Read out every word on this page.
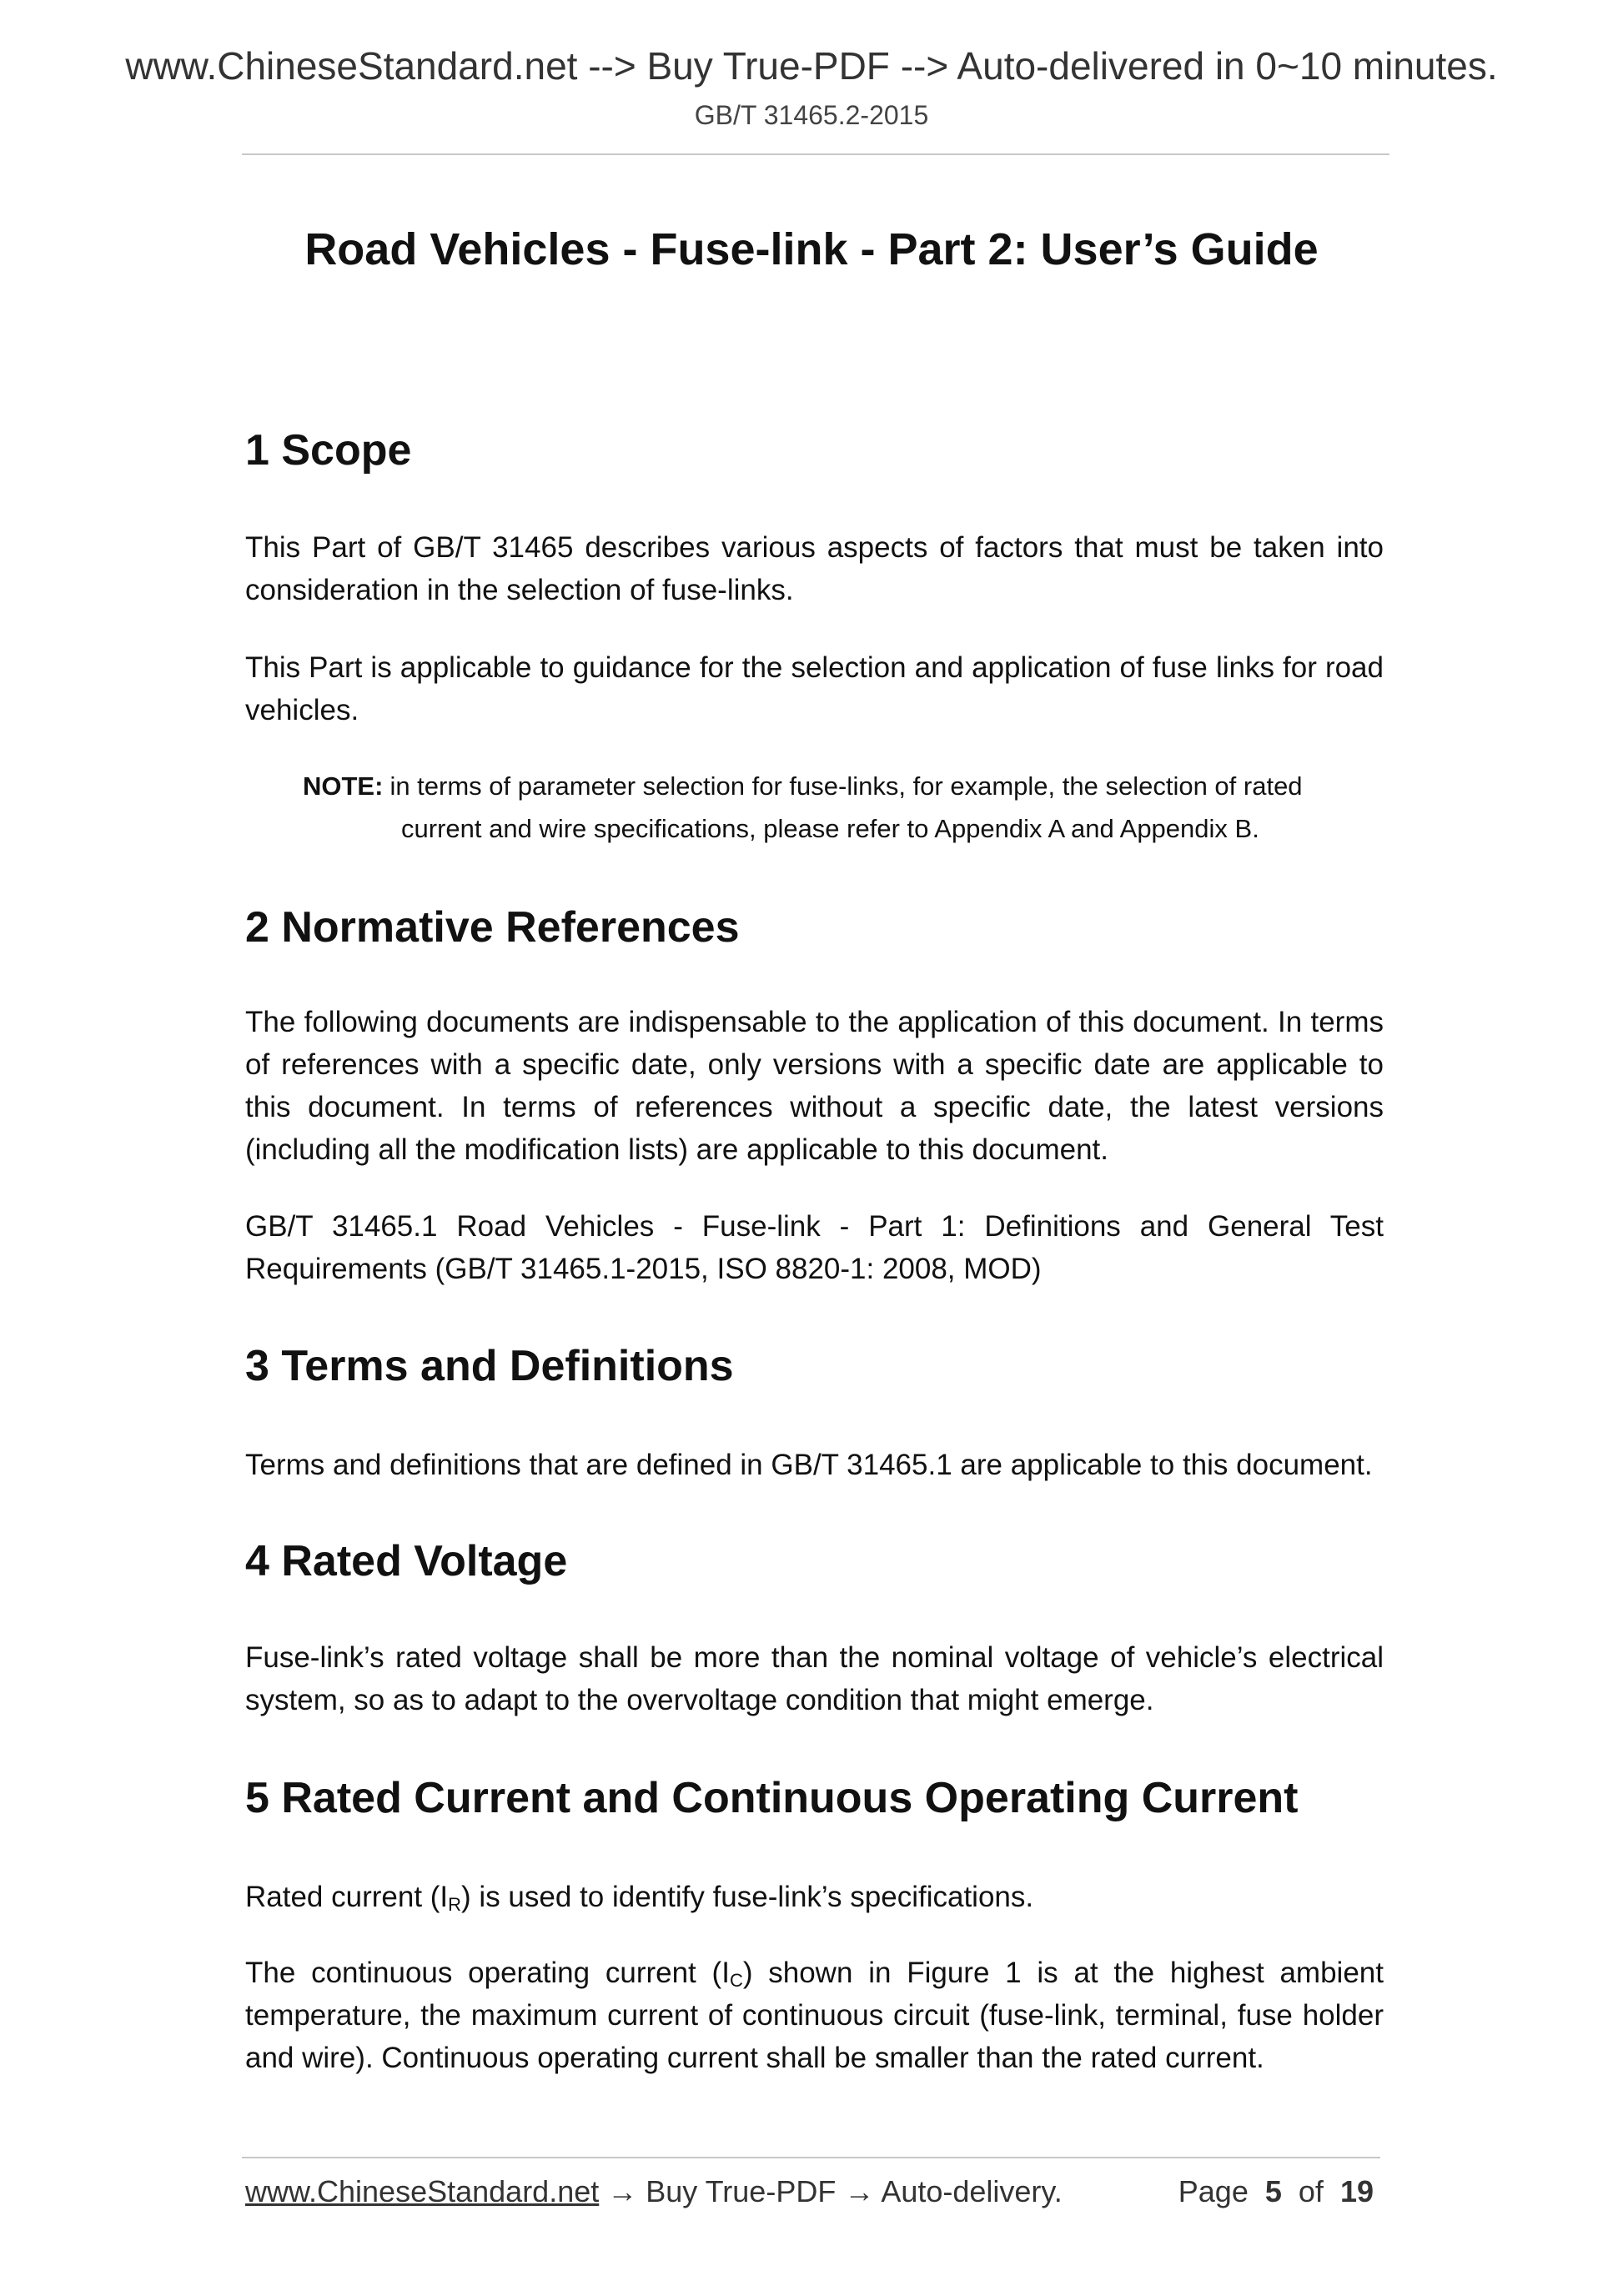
www.ChineseStandard.net --> Buy True-PDF --> Auto-delivered in 0~10 minutes.
GB/T 31465.2-2015
Road Vehicles - Fuse-link - Part 2: User’s Guide
1 Scope

This Part of GB/T 31465 describes various aspects of factors that must be taken into consideration in the selection of fuse-links.

This Part is applicable to guidance for the selection and application of fuse links for road vehicles.

NOTE: in terms of parameter selection for fuse-links, for example, the selection of rated
current and wire specifications, please refer to Appendix A and Appendix B.
2 Normative References

The following documents are indispensable to the application of this document. In terms of references with a specific date, only versions with a specific date are applicable to this document. In terms of references without a specific date, the latest versions (including all the modification lists) are applicable to this document.

GB/T 31465.1 Road Vehicles - Fuse-link - Part 1: Definitions and General Test Requirements (GB/T 31465.1-2015, ISO 8820-1: 2008, MOD)

3 Terms and Definitions

Terms and definitions that are defined in GB/T 31465.1 are applicable to this document.

4 Rated Voltage

Fuse-link’s rated voltage shall be more than the nominal voltage of vehicle’s electrical system, so as to adapt to the overvoltage condition that might emerge.

5 Rated Current and Continuous Operating Current

Rated current $(I_R)$ is used to identify fuse-link’s specifications.

The continuous operating current $(I_C)$ shown in Figure 1 is at the highest ambient temperature, the maximum current of continuous circuit (fuse-link, terminal, fuse holder and wire). Continuous operating current shall be smaller than the rated current.

www.ChineseStandard.net → Buy True-PDF → Auto-delivery.	Page 5 of 19
